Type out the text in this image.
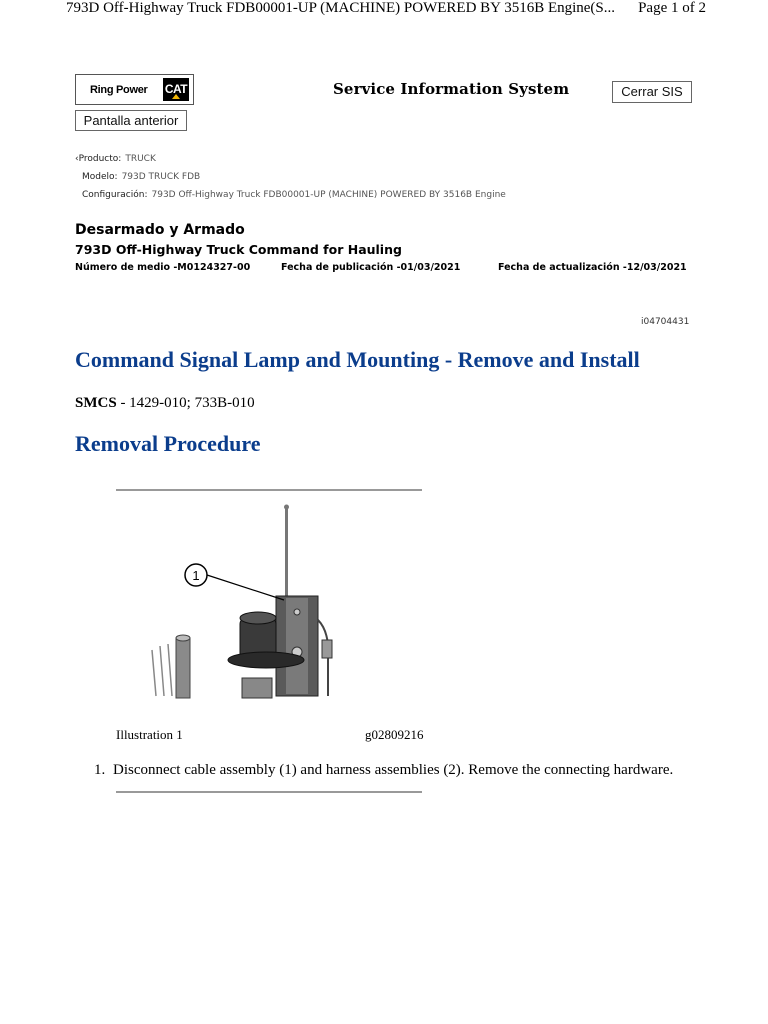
793D Off-Highway Truck FDB00001-UP (MACHINE) POWERED BY 3516B Engine(S... Page 1 of 2
Ring Power CAT	Service Information System	Cerrar SIS
Pantalla anterior
‹Producto: TRUCK
Modelo: 793D TRUCK FDB
Configuración: 793D Off-Highway Truck FDB00001-UP (MACHINE) POWERED BY 3516B Engine
Desarmado y Armado
793D Off-Highway Truck Command for Hauling
Número de medio -M0124327-00	Fecha de publicación -01/03/2021	Fecha de actualización -12/03/2021
i04704431
Command Signal Lamp and Mounting - Remove and Install
SMCS - 1429-010; 733B-010
Removal Procedure
1
Illustration 1	g02809216
1. Disconnect cable assembly (1) and harness assemblies (2). Remove the connecting hardware.
